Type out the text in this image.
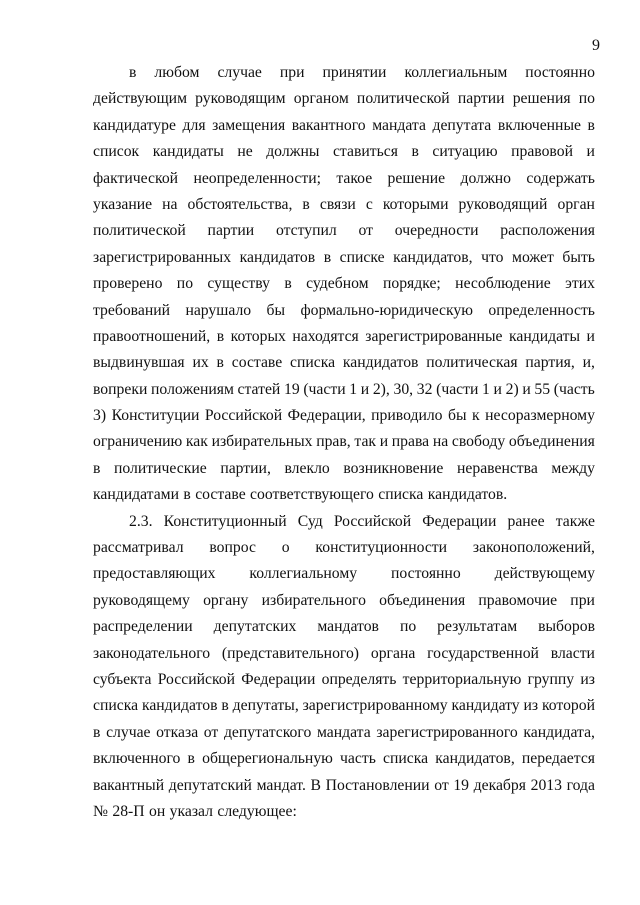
9
в любом случае при принятии коллегиальным постоянно
действующим руководящим органом политической партии решения по
кандидатуре для замещения вакантного мандата депутата включенные в
список кандидаты не должны ставиться в ситуацию правовой и
фактической неопределенности; такое решение должно содержать
указание на обстоятельства, в связи с которыми руководящий орган
политической партии отступил от очередности расположения
зарегистрированных кандидатов в списке кандидатов, что может быть
проверено по существу в судебном порядке; несоблюдение этих
требований нарушало бы формально-юридическую определенность
правоотношений, в которых находятся зарегистрированные кандидаты и
выдвинувшая их в составе списка кандидатов политическая партия, и,
вопреки положениям статей 19 (части 1 и 2), 30, 32 (части 1 и 2) и 55 (часть
3) Конституции Российской Федерации, приводило бы к несоразмерному
ограничению как избирательных прав, так и права на свободу объединения
в политические партии, влекло возникновение неравенства между
кандидатами в составе соответствующего списка кандидатов.
2.3. Конституционный Суд Российской Федерации ранее также
рассматривал вопрос о конституционности законоположений,
предоставляющих коллегиальному постоянно действующему
руководящему органу избирательного объединения правомочие при
распределении депутатских мандатов по результатам выборов
законодательного (представительного) органа государственной власти
субъекта Российской Федерации определять территориальную группу из
списка кандидатов в депутаты, зарегистрированному кандидату из которой
в случае отказа от депутатского мандата зарегистрированного кандидата,
включенного в общерегиональную часть списка кандидатов, передается
вакантный депутатский мандат. В Постановлении от 19 декабря 2013 года
№ 28-П он указал следующее:
